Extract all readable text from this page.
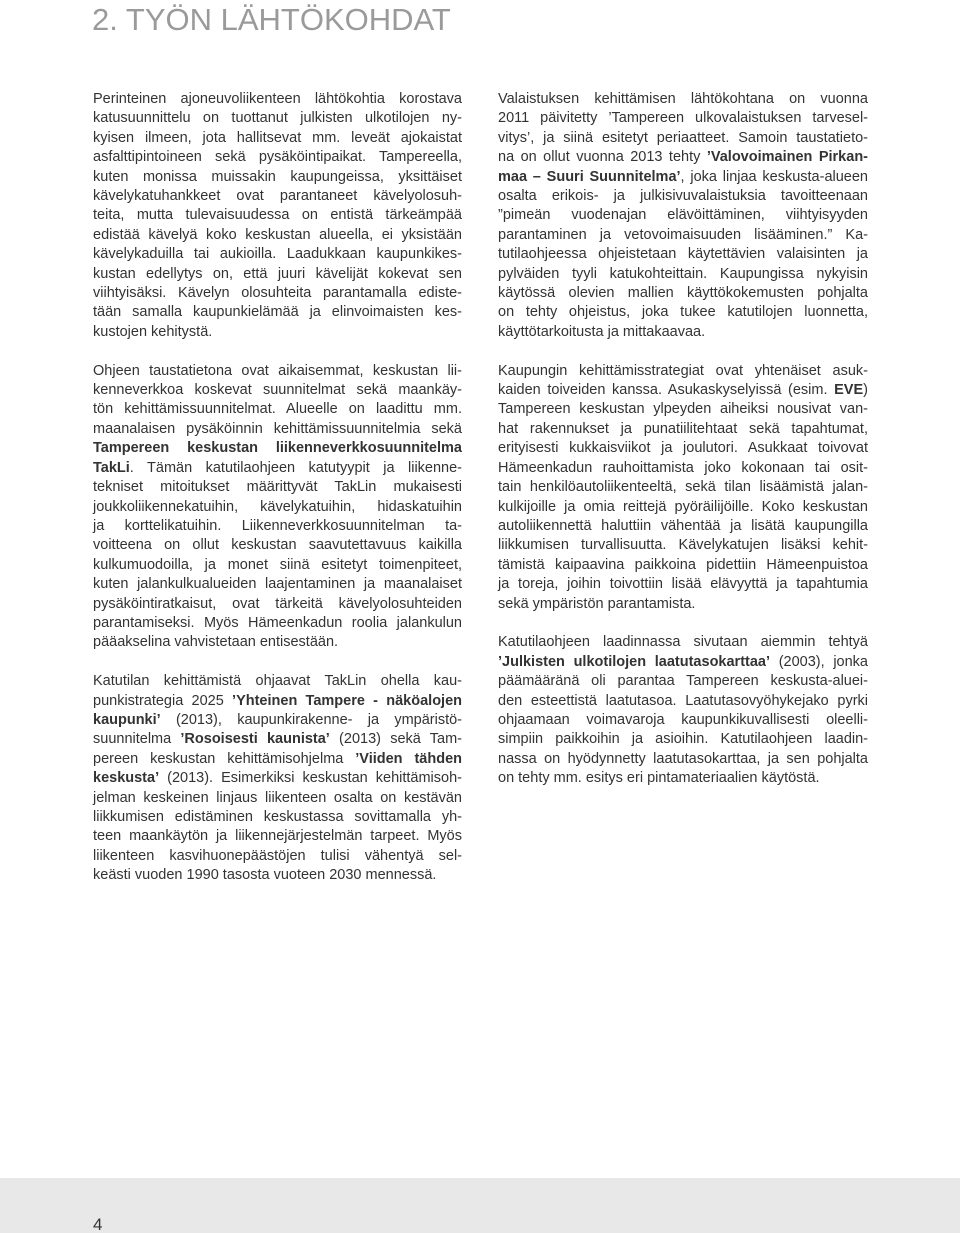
2. TYÖN LÄHTÖKOHDAT
Perinteinen ajoneuvoliikenteen lähtökohtia korostava
katusuunnittelu on tuottanut julkisten ulkotilojen ny-
kyisen ilmeen, jota hallitsevat mm. leveät ajokaistat
asfalttipintoineen sekä pysäköintipaikat. Tampereella,
kuten monissa muissakin kaupungeissa, yksittäiset
kävelykatuhankkeet ovat parantaneet kävelyolosuh-
teita, mutta tulevaisuudessa on entistä tärkeämpää
edistää kävelyä koko keskustan alueella, ei yksistään
kävelykaduilla tai aukioilla. Laadukkaan kaupunkikes-
kustan edellytys on, että juuri kävelijät kokevat sen
viihtyisäksi. Kävelyn olosuhteita parantamalla ediste-
tään samalla kaupunkielämää ja elinvoimaisten kes-
kustojen kehitystä.
Ohjeen taustatietona ovat aikaisemmat, keskustan lii-
kenneverkkoa koskevat suunnitelmat sekä maankäy-
tön kehittämissuunnitelmat. Alueelle on laadittu mm.
maanalaisen pysäköinnin kehittämissuunnitelmia sekä
Tampereen keskustan liikenneverkkosuunnitelma
TakLi. Tämän katutilaohjeen katutyypit ja liikenne-
tekniset mitoitukset määrittyvät TakLin mukaisesti
joukkoliikennekatuihin, kävelykatuihin, hidaskatuihin
ja korttelikatuihin. Liikenneverkkosuunnitelman ta-
voitteena on ollut keskustan saavutettavuus kaikilla
kulkumuodoilla, ja monet siinä esitetyt toimenpiteet,
kuten jalankulkualueiden laajentaminen ja maanalaiset
pysäköintiratkaisut, ovat tärkeitä kävelyolosuhteiden
parantamiseksi. Myös Hämeenkadun roolia jalankulun
pääakselina vahvistetaan entisestään.
Katutilan kehittämistä ohjaavat TakLin ohella kau-
punkistrategia 2025 ’Yhteinen Tampere - näköalojen
kaupunki’ (2013), kaupunkirakenne- ja ympäristö-
suunnitelma ’Rosoisesti kaunista’ (2013) sekä Tam-
pereen keskustan kehittämisohjelma ’Viiden tähden
keskusta’ (2013). Esimerkiksi keskustan kehittämisoh-
jelman keskeinen linjaus liikenteen osalta on kestävän
liikkumisen edistäminen keskustassa sovittamalla yh-
teen maankäytön ja liikennejärjestelmän tarpeet. Myös
liikenteen kasvihuonepäästöjen tulisi vähentyä sel-
keästi vuoden 1990 tasosta vuoteen 2030 mennessä.
Valaistuksen kehittämisen lähtökohtana on vuonna
2011 päivitetty ’Tampereen ulkovalaistuksen tarvesel-
vitys’, ja siinä esitetyt periaatteet. Samoin taustatieto-
na on ollut vuonna 2013 tehty ’Valovoimainen Pirkan-
maa – Suuri Suunnitelma’, joka linjaa keskusta-alueen
osalta erikois- ja julkisivuvalaistuksia tavoitteenaan
”pimeän vuodenajan elävöittäminen, viihtyisyyden
parantaminen ja vetovoimaisuuden lisääminen.” Ka-
tutilaohjeessa ohjeistetaan käytettävien valaisinten ja
pylväiden tyyli katukohteittain. Kaupungissa nykyisin
käytössä olevien mallien käyttökokemusten pohjalta
on tehty ohjeistus, joka tukee katutilojen luonnetta,
käyttötarkoitusta ja mittakaavaa.
Kaupungin kehittämisstrategiat ovat yhtenäiset asuk-
kaiden toiveiden kanssa. Asukaskyselyissä (esim. EVE)
Tampereen keskustan ylpeyden aiheiksi nousivat van-
hat rakennukset ja punatiilitehtaat sekä tapahtumat,
erityisesti kukkaisviikot ja joulutori. Asukkaat toivovat
Hämeenkadun rauhoittamista joko kokonaan tai osit-
tain henkilöautoliikenteeltä, sekä tilan lisäämistä jalan-
kulkijoille ja omia reittejä pyöräilijöille. Koko keskustan
autoliikennettä haluttiin vähentää ja lisätä kaupungilla
liikkumisen turvallisuutta. Kävelykatujen lisäksi kehit-
tämistä kaipaavina paikkoina pidettiin Hämeenpuistoa
ja toreja, joihin toivottiin lisää elävyyttä ja tapahtumia
sekä ympäristön parantamista.
Katutilaohjeen laadinnassa sivutaan aiemmin tehtyä
’Julkisten ulkotilojen laatutasokarttaa’ (2003), jonka
päämääränä oli parantaa Tampereen keskusta-aluei-
den esteettistä laatutasoa. Laatutasovyöhykejako pyrki
ohjaamaan voimavaroja kaupunkikuvallisesti oleelli-
simpiin paikkoihin ja asioihin. Katutilaohjeen laadin-
nassa on hyödynnetty laatutasokarttaa, ja sen pohjalta
on tehty mm. esitys eri pintamateriaalien käytöstä.
4
